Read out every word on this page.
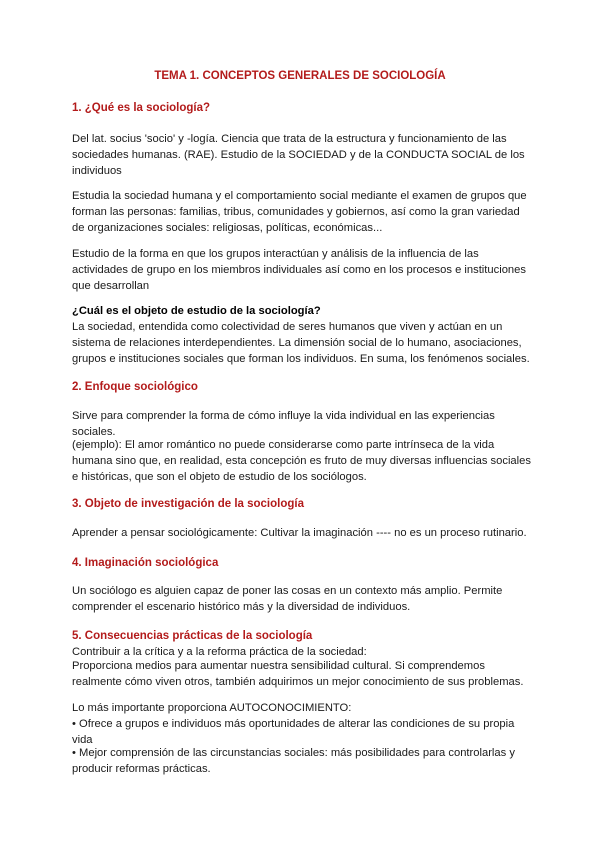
TEMA 1. CONCEPTOS GENERALES DE SOCIOLOGÍA
1. ¿Qué es la sociología?

Del lat. socius 'socio' y -logía. Ciencia que trata de la estructura y funcionamiento de las sociedades humanas. (RAE). Estudio de la SOCIEDAD y de la CONDUCTA SOCIAL de los individuos

Estudia la sociedad humana y el comportamiento social mediante el examen de grupos que forman las personas: familias, tribus, comunidades y gobiernos, así como la gran variedad de organizaciones sociales: religiosas, políticas, económicas...

Estudio de la forma en que los grupos interactúan y análisis de la influencia de las actividades de grupo en los miembros individuales así como en los procesos e instituciones que desarrollan

¿Cuál es el objeto de estudio de la sociología?

La sociedad, entendida como colectividad de seres humanos que viven y actúan en un sistema de relaciones interdependientes. La dimensión social de lo humano, asociaciones, grupos e instituciones sociales que forman los individuos. En suma, los fenómenos sociales.

2. Enfoque sociológico

Sirve para comprender la forma de cómo influye la vida individual en las experiencias sociales.

(ejemplo): El amor romántico no puede considerarse como parte intrínseca de la vida humana sino que, en realidad, esta concepción es fruto de muy diversas influencias sociales e históricas, que son el objeto de estudio de los sociólogos.

3. Objeto de investigación de la sociología

Aprender a pensar sociológicamente: Cultivar la imaginación ---- no es un proceso rutinario.

4. Imaginación sociológica

Un sociólogo es alguien capaz de poner las cosas en un contexto más amplio. Permite comprender el escenario histórico más y la diversidad de individuos.

5. Consecuencias prácticas de la sociología

Contribuir a la crítica y a la reforma práctica de la sociedad:

Proporciona medios para aumentar nuestra sensibilidad cultural. Si comprendemos realmente cómo viven otros, también adquirimos un mejor conocimiento de sus problemas.

Lo más importante proporciona AUTOCONOCIMIENTO:

• Ofrece a grupos e individuos más oportunidades de alterar las condiciones de su propia vida

• Mejor comprensión de las circunstancias sociales: más posibilidades para controlarlas y producir reformas prácticas.
